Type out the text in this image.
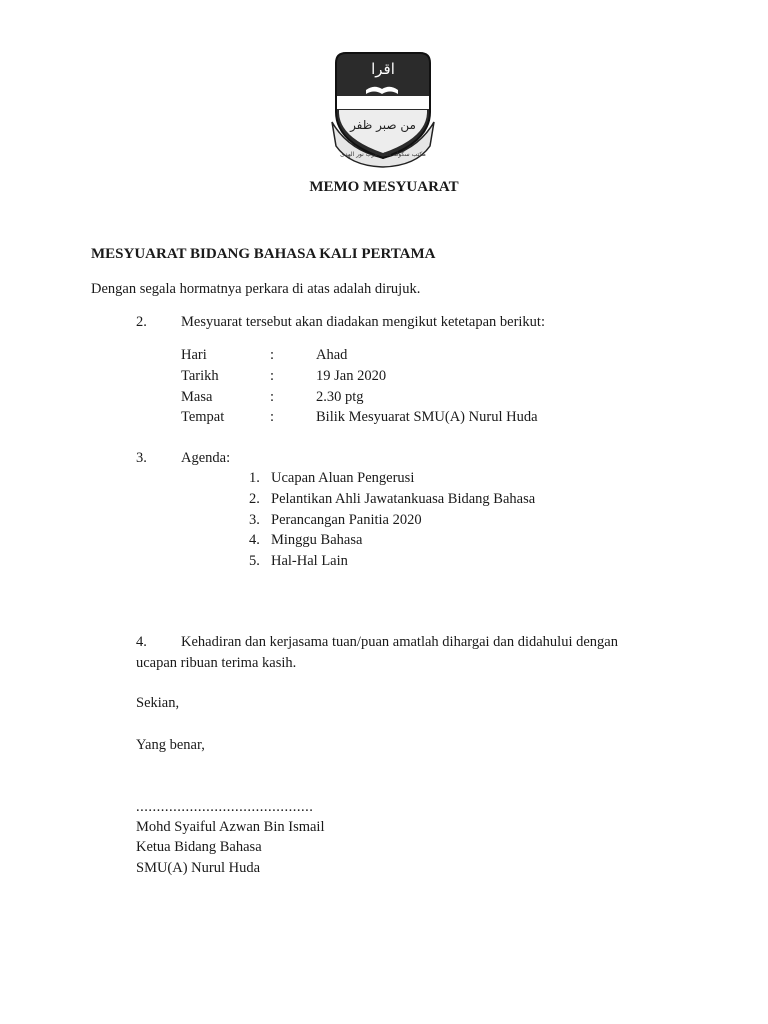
اقرا
من صبر ظفر
مكتب سكوله منڠه عرب نور الهدى
MEMO MESYUARAT
MESYUARAT BIDANG BAHASA KALI PERTAMA
Dengan segala hormatnya perkara di atas adalah dirujuk.
2. Mesyuarat tersebut akan diadakan mengikut ketetapan berikut:
Hari	:	Ahad
Tarikh	:	19 Jan 2020
Masa	:	2.30 ptg
Tempat	:	Bilik Mesyuarat SMU(A) Nurul Huda
3. Agenda:
1. Ucapan Aluan Pengerusi
2. Pelantikan Ahli Jawatankuasa Bidang Bahasa
3. Perancangan Panitia 2020
4. Minggu Bahasa
5. Hal-Hal Lain
4. Kehadiran dan kerjasama tuan/puan amatlah dihargai dan didahului dengan
ucapan ribuan terima kasih.
Sekian,
Yang benar,
...........................................
Mohd Syaiful Azwan Bin Ismail
Ketua Bidang Bahasa
SMU(A) Nurul Huda
